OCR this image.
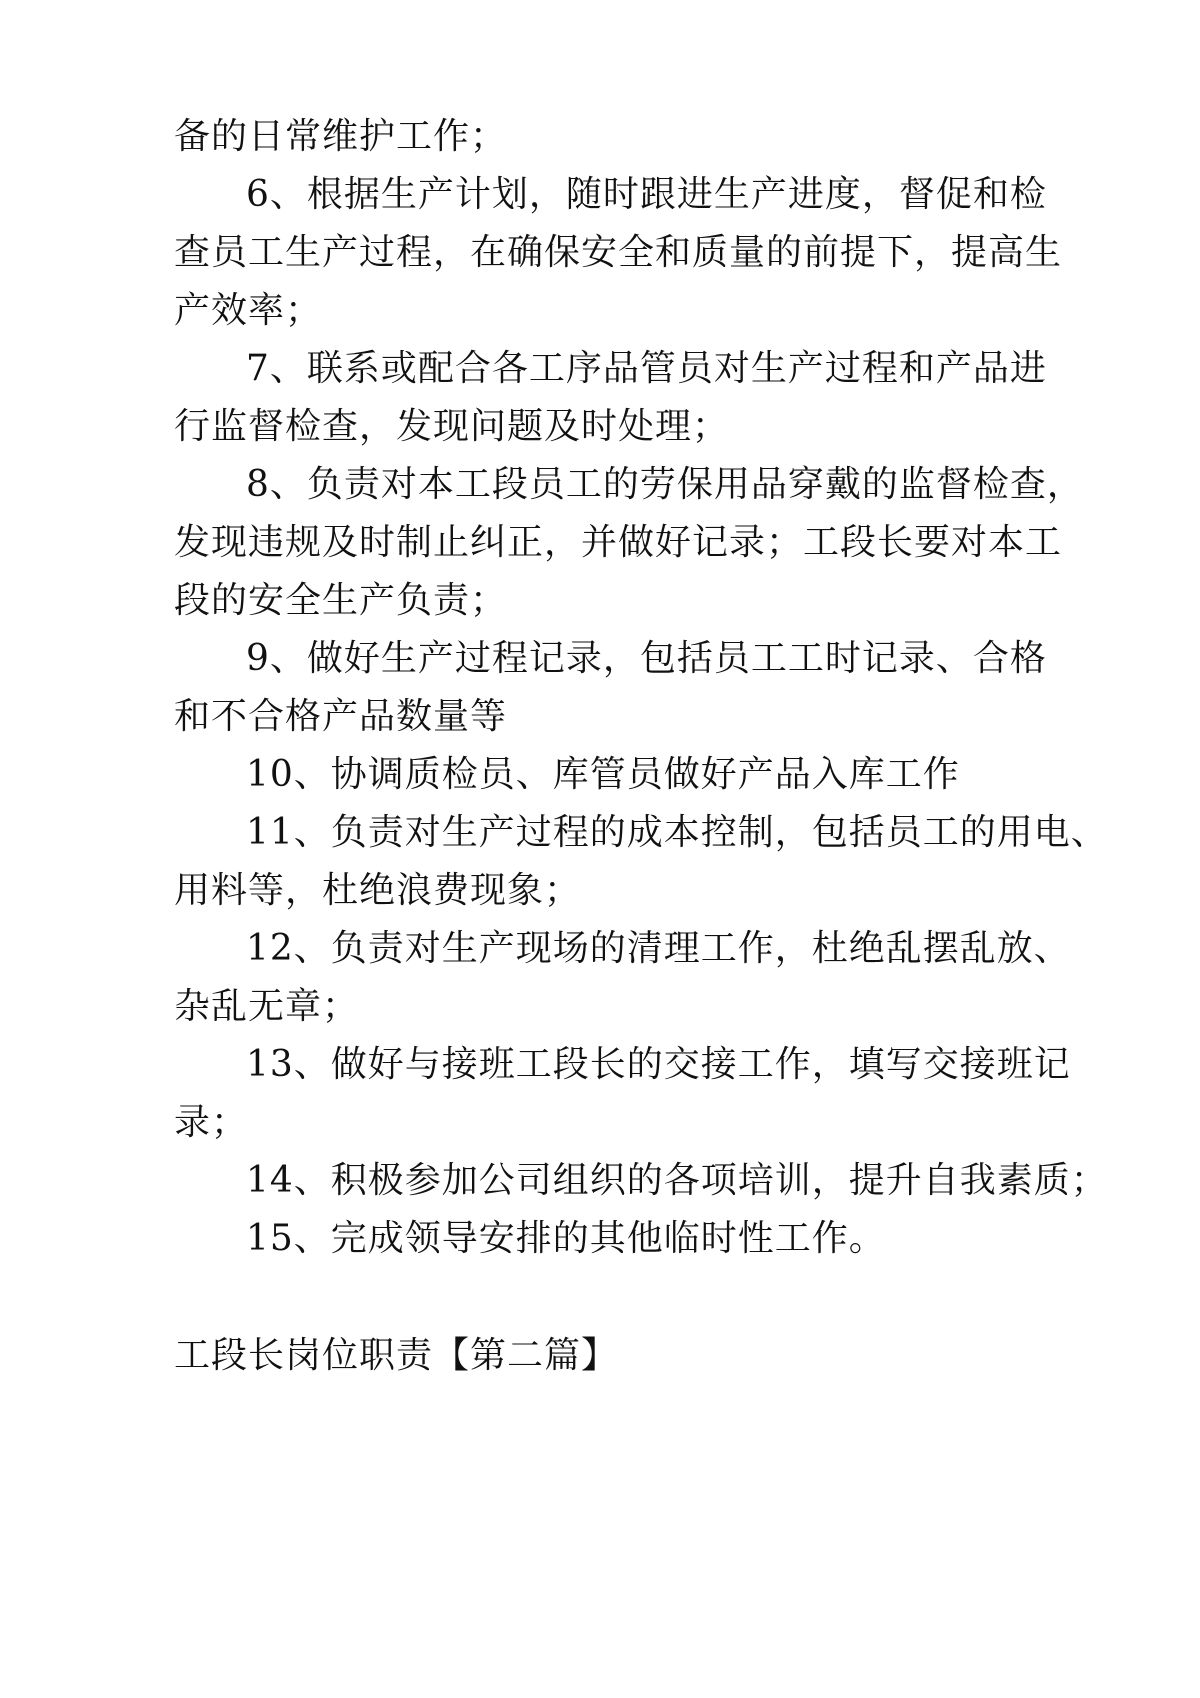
备的日常维护工作；
6、根据生产计划，随时跟进生产进度，督促和检
查员工生产过程，在确保安全和质量的前提下，提高生
产效率；
7、联系或配合各工序品管员对生产过程和产品进
行监督检查，发现问题及时处理；
8、负责对本工段员工的劳保用品穿戴的监督检查，
发现违规及时制止纠正，并做好记录；工段长要对本工
段的安全生产负责；
9、做好生产过程记录，包括员工工时记录、合格
和不合格产品数量等
10、协调质检员、库管员做好产品入库工作
11、负责对生产过程的成本控制，包括员工的用电、
用料等，杜绝浪费现象；
12、负责对生产现场的清理工作，杜绝乱摆乱放、
杂乱无章；
13、做好与接班工段长的交接工作，填写交接班记
录；
14、积极参加公司组织的各项培训，提升自我素质；
15、完成领导安排的其他临时性工作。
工段长岗位职责【第二篇】
